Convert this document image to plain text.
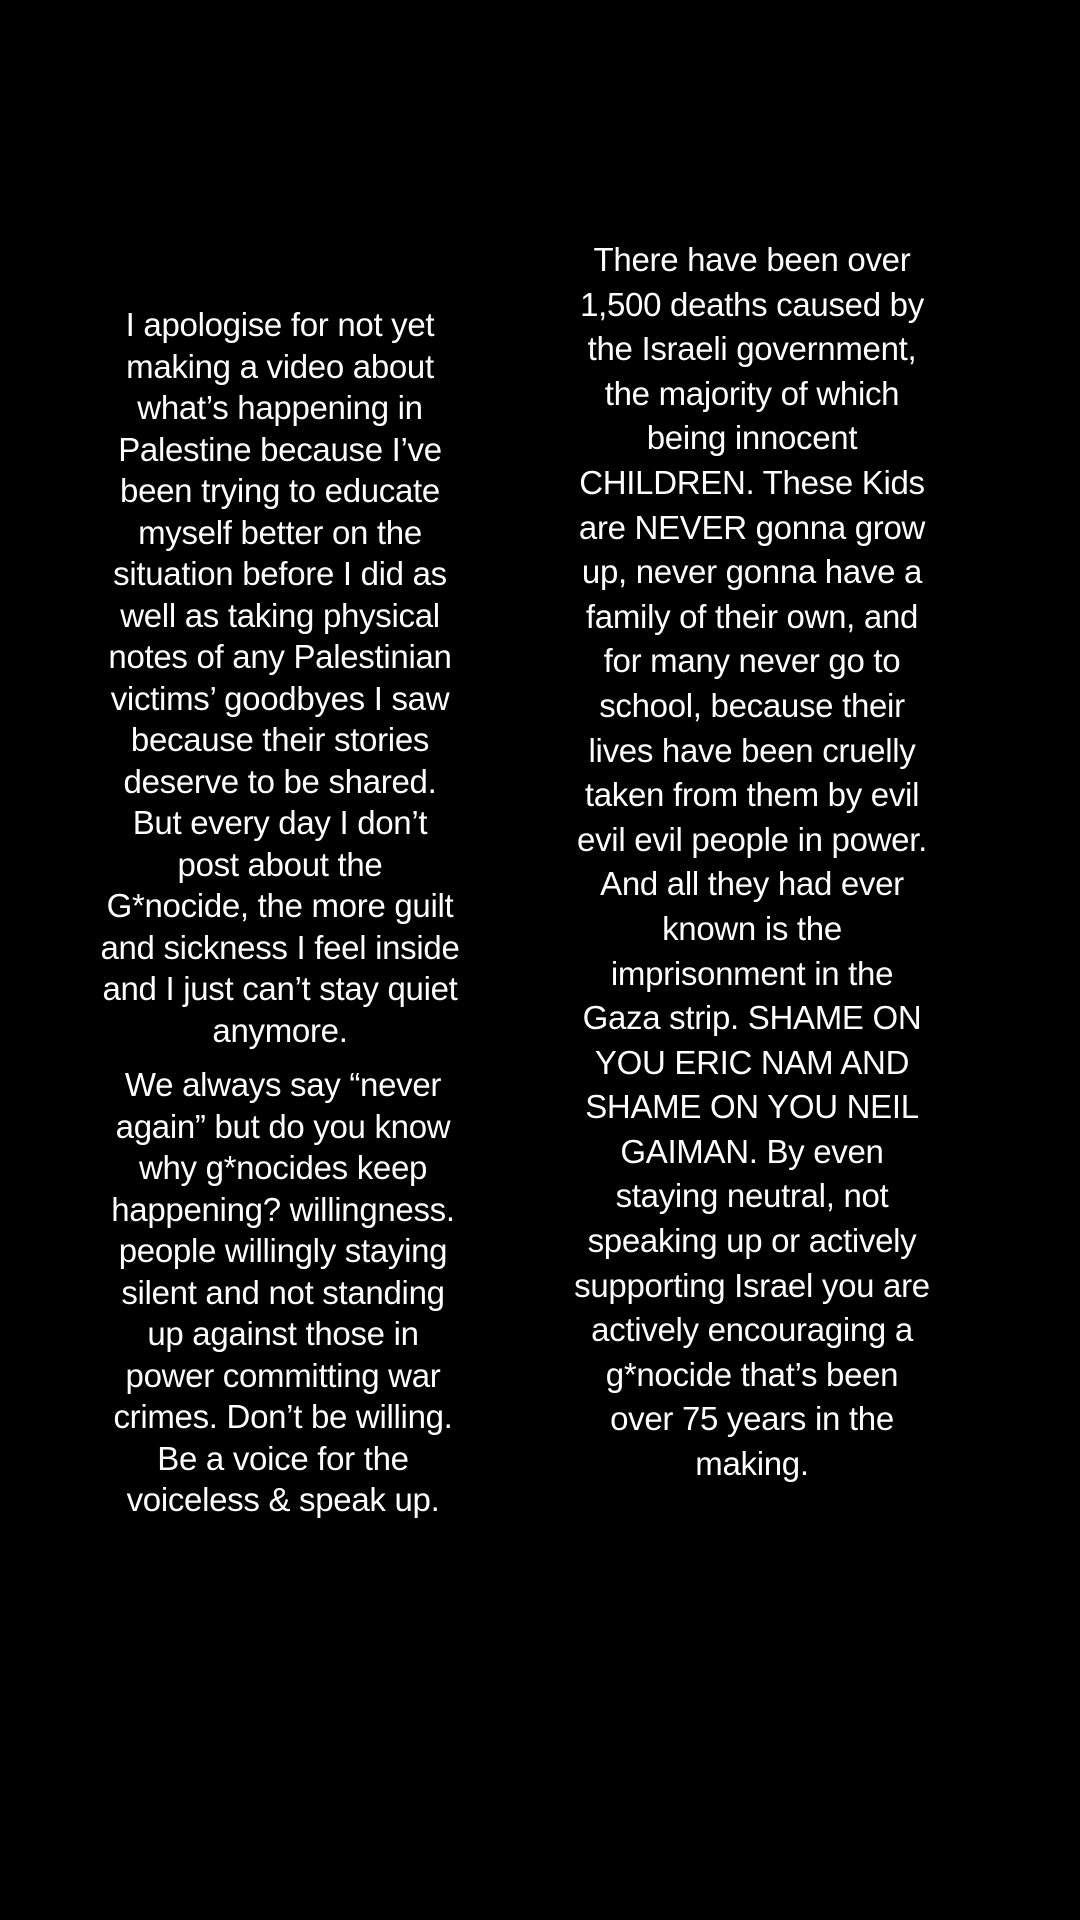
I apologise for not yet
making a video about
what’s happening in
Palestine because I’ve
been trying to educate
myself better on the
situation before I did as
well as taking physical
notes of any Palestinian
victims’ goodbyes I saw
because their stories
deserve to be shared.
But every day I don’t
post about the
G*nocide, the more guilt
and sickness I feel inside
and I just can’t stay quiet
anymore.
We always say “never
again” but do you know
why g*nocides keep
happening? willingness.
people willingly staying
silent and not standing
up against those in
power committing war
crimes. Don’t be willing.
Be a voice for the
voiceless & speak up.
There have been over
1,500 deaths caused by
the Israeli government,
the majority of which
being innocent
CHILDREN. These Kids
are NEVER gonna grow
up, never gonna have a
family of their own, and
for many never go to
school, because their
lives have been cruelly
taken from them by evil
evil evil people in power.
And all they had ever
known is the
imprisonment in the
Gaza strip. SHAME ON
YOU ERIC NAM AND
SHAME ON YOU NEIL
GAIMAN. By even
staying neutral, not
speaking up or actively
supporting Israel you are
actively encouraging a
g*nocide that’s been
over 75 years in the
making.
